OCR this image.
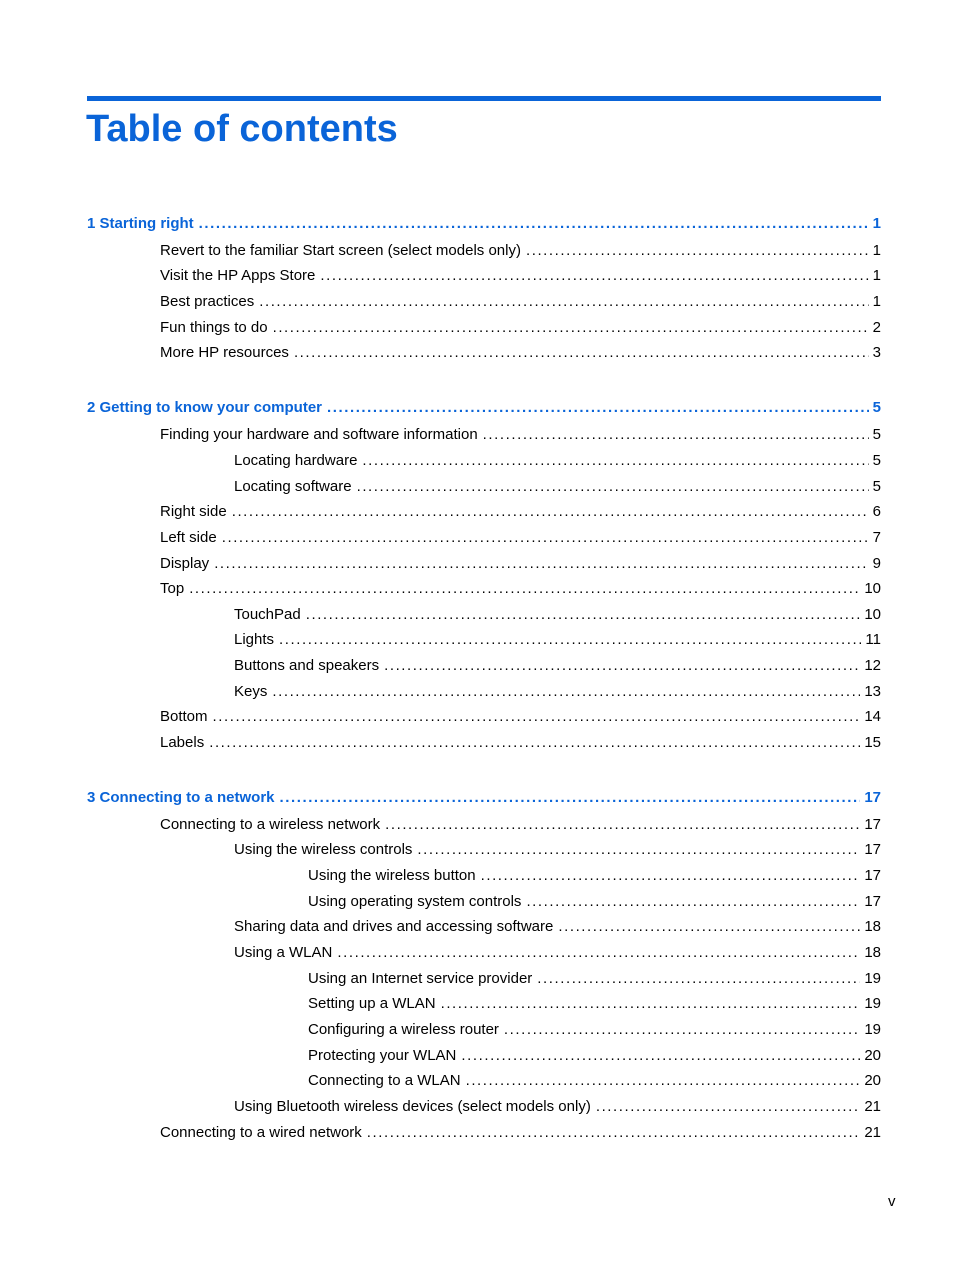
Table of contents
1 Starting right . . .	1
Revert to the familiar Start screen (select models only) . . .	1
Visit the HP Apps Store . . .	1
Best practices . . .	1
Fun things to do . . .	2
More HP resources . . .	3
2 Getting to know your computer . . .	5
Finding your hardware and software information . . .	5
Locating hardware . . .	5
Locating software . . .	5
Right side . . .	6
Left side . . .	7
Display . . .	9
Top . . .	10
TouchPad . . .	10
Lights . . .	11
Buttons and speakers . . .	12
Keys . . .	13
Bottom . . .	14
Labels . . .	15
3 Connecting to a network . . .	17
Connecting to a wireless network . . .	17
Using the wireless controls . . .	17
Using the wireless button . . .	17
Using operating system controls . . .	17
Sharing data and drives and accessing software . . .	18
Using a WLAN . . .	18
Using an Internet service provider . . .	19
Setting up a WLAN . . .	19
Configuring a wireless router . . .	19
Protecting your WLAN . . .	20
Connecting to a WLAN . . .	20
Using Bluetooth wireless devices (select models only) . . .	21
Connecting to a wired network . . .	21
v
